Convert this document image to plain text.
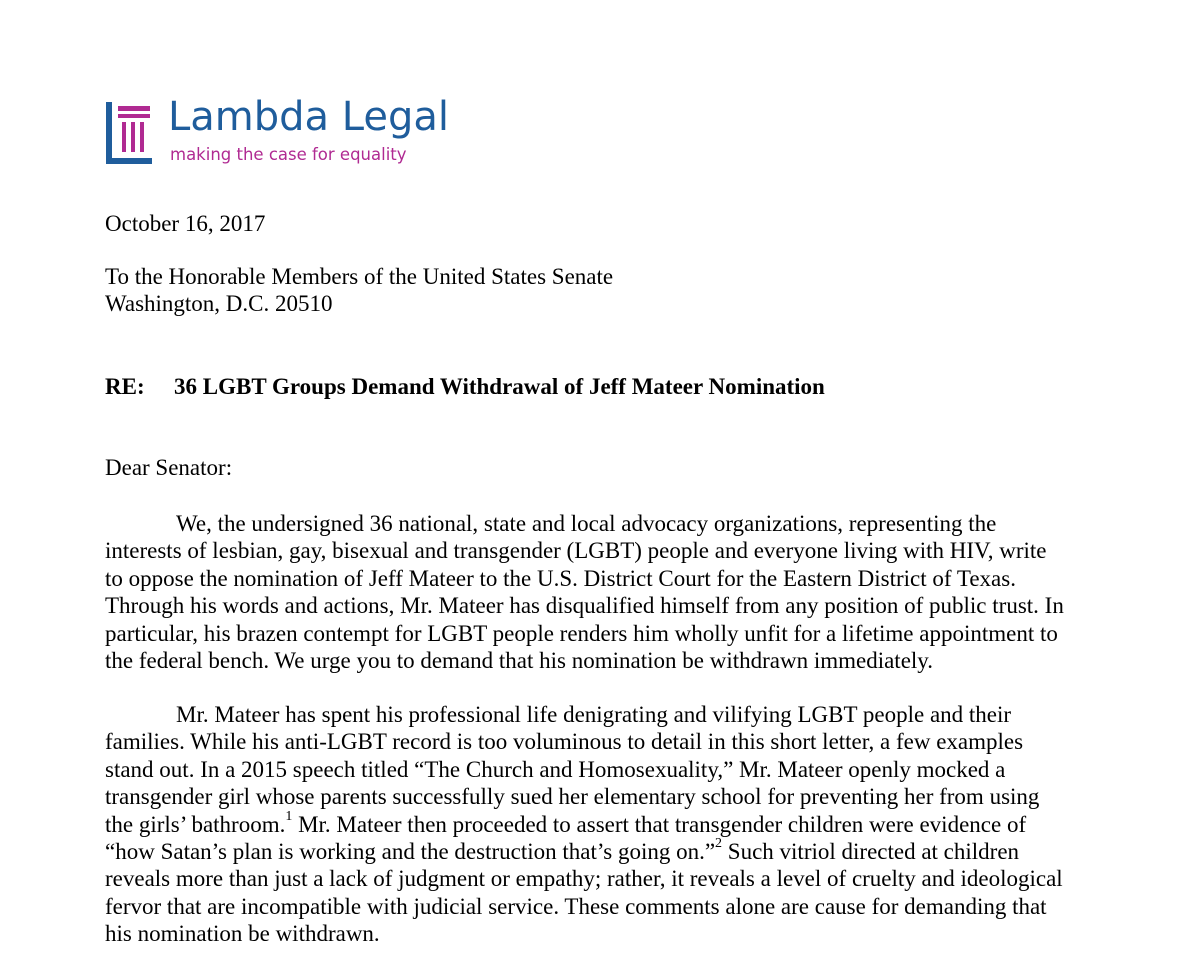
Lambda Legal
making the case for equality
October 16, 2017
To the Honorable Members of the United States Senate
Washington, D.C. 20510
RE: 36 LGBT Groups Demand Withdrawal of Jeff Mateer Nomination
Dear Senator:
We, the undersigned 36 national, state and local advocacy organizations, representing the
interests of lesbian, gay, bisexual and transgender (LGBT) people and everyone living with HIV, write
to oppose the nomination of Jeff Mateer to the U.S. District Court for the Eastern District of Texas.
Through his words and actions, Mr. Mateer has disqualified himself from any position of public trust. In
particular, his brazen contempt for LGBT people renders him wholly unfit for a lifetime appointment to
the federal bench. We urge you to demand that his nomination be withdrawn immediately.
Mr. Mateer has spent his professional life denigrating and vilifying LGBT people and their
families. While his anti-LGBT record is too voluminous to detail in this short letter, a few examples
stand out. In a 2015 speech titled “The Church and Homosexuality,” Mr. Mateer openly mocked a
transgender girl whose parents successfully sued her elementary school for preventing her from using
the girls’ bathroom.$^1$ Mr. Mateer then proceeded to assert that transgender children were evidence of
“how Satan’s plan is working and the destruction that’s going on.”$^2$ Such vitriol directed at children
reveals more than just a lack of judgment or empathy; rather, it reveals a level of cruelty and ideological
fervor that are incompatible with judicial service. These comments alone are cause for demanding that
his nomination be withdrawn.
